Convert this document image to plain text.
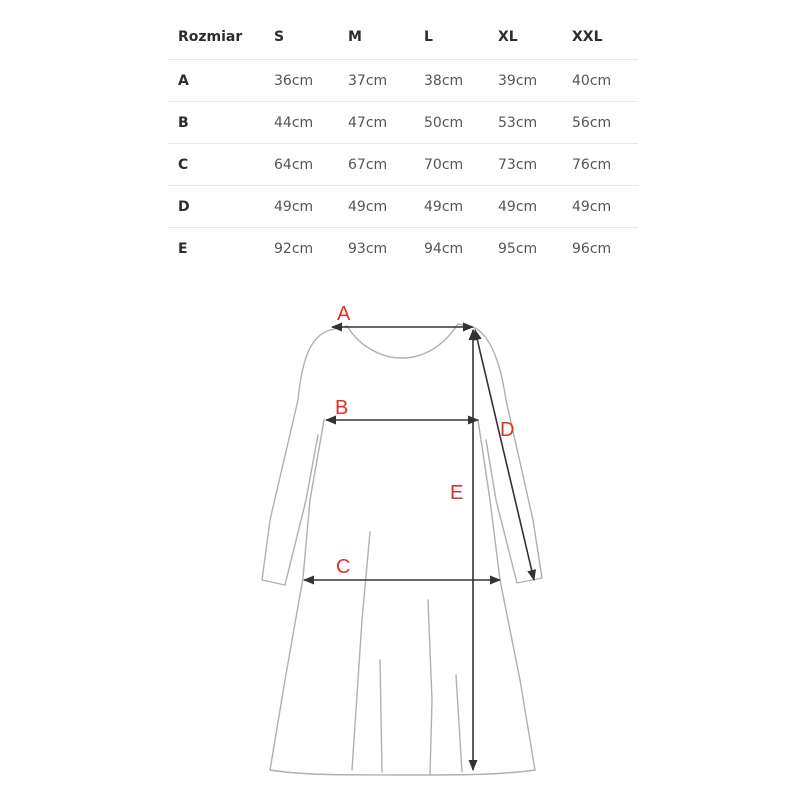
Rozmiar	S	M	L	XL	XXL
A	36cm	37cm	38cm	39cm	40cm
B	44cm	47cm	50cm	53cm	56cm
C	64cm	67cm	70cm	73cm	76cm
D	49cm	49cm	49cm	49cm	49cm
E	92cm	93cm	94cm	95cm	96cm
A
B
C
D
E
